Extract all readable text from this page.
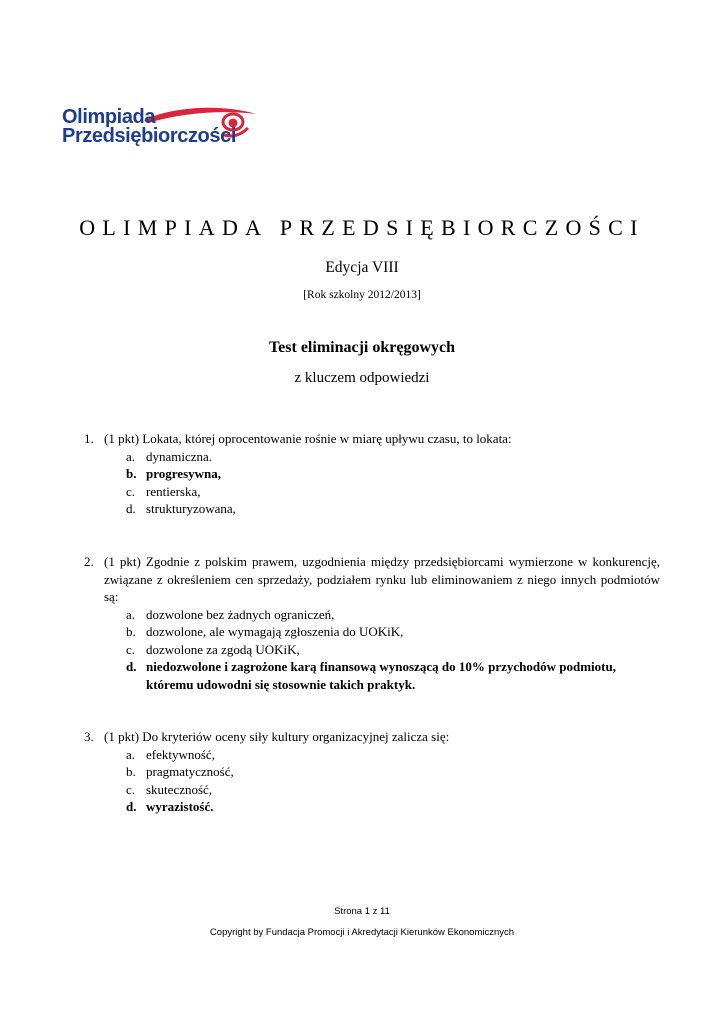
Olimpiada
Przedsiębiorczości
OLIMPIADA PRZEDSIĘBIORCZOŚCI
Edycja VIII
[Rok szkolny 2012/2013]
Test eliminacji okręgowych
z kluczem odpowiedzi
1. (1 pkt) Lokata, której oprocentowanie rośnie w miarę upływu czasu, to lokata:
a. dynamiczna.
b. progresywna,
c. rentierska,
d. strukturyzowana,
2. (1 pkt) Zgodnie z polskim prawem, uzgodnienia między przedsiębiorcami wymierzone w konkurencję, związane z określeniem cen sprzedaży, podziałem rynku lub eliminowaniem z niego innych podmiotów są:
a. dozwolone bez żadnych ograniczeń,
b. dozwolone, ale wymagają zgłoszenia do UOKiK,
c. dozwolone za zgodą UOKiK,
d. niedozwolone i zagrożone karą finansową wynoszącą do 10% przychodów podmiotu, któremu udowodni się stosownie takich praktyk.
3. (1 pkt) Do kryteriów oceny siły kultury organizacyjnej zalicza się:
a. efektywność,
b. pragmatyczność,
c. skuteczność,
d. wyrazistość.
Strona 1 z 11
Copyright by Fundacja Promocji i Akredytacji Kierunków Ekonomicznych
